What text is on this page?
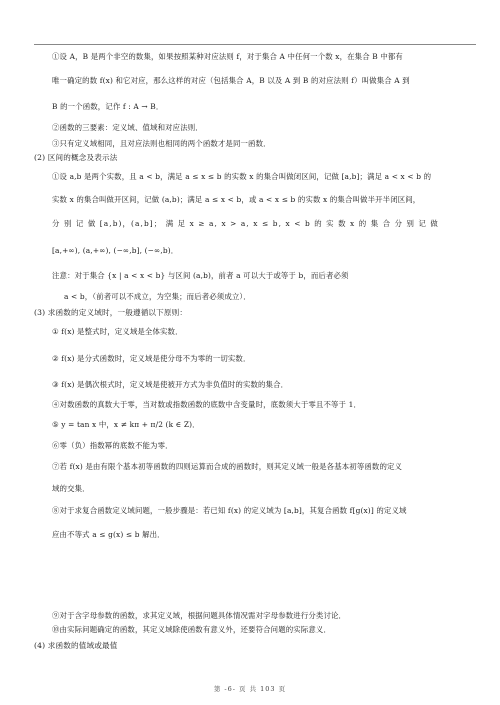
①设 A，B 是两个非空的数集，如果按照某种对应法则 f，对于集合 A 中任何一个数 x，在集合 B 中都有
唯一确定的数 f(x) 和它对应，那么这样的对应（包括集合 A，B 以及 A 到 B 的对应法则 f）叫做集合 A 到
B 的一个函数，记作 f : A → B．
②函数的三要素：定义域、值域和对应法则．
③只有定义域相同，且对应法则也相同的两个函数才是同一函数．
(2) 区间的概念及表示法
①设 a,b 是两个实数，且 a < b，满足 a ≤ x ≤ b 的实数 x 的集合叫做闭区间，记做 [a,b]；满足 a < x < b 的
实数 x 的集合叫做开区间，记做 (a,b)；满足 a ≤ x < b，或 a < x ≤ b 的实数 x 的集合叫做半开半闭区间，
分 别 记 做 [a,b)，(a,b]； 满 足 x ≥ a, x > a, x ≤ b, x < b 的 实 数 x 的 集 合 分 别 记 做
[a,+∞), (a,+∞), (−∞,b], (−∞,b)．
注意：对于集合 {x | a < x < b} 与区间 (a,b)，前者 a 可以大于或等于 b，而后者必须
a < b，（前者可以不成立，为空集；而后者必须成立）．
(3) 求函数的定义域时，一般遵循以下原则：
① f(x) 是整式时，定义域是全体实数．
② f(x) 是分式函数时，定义域是使分母不为零的一切实数．
③ f(x) 是偶次根式时，定义域是使被开方式为非负值时的实数的集合．
④对数函数的真数大于零，当对数或指数函数的底数中含变量时，底数须大于零且不等于 1．
⑤ y = tan x 中，x ≠ kπ + π/2 (k ∈ Z)．
⑥零（负）指数幂的底数不能为零．
⑦若 f(x) 是由有限个基本初等函数的四则运算而合成的函数时，则其定义域一般是各基本初等函数的定义
域的交集．
⑧对于求复合函数定义域问题，一般步骤是：若已知 f(x) 的定义域为 [a,b]，其复合函数 f[g(x)] 的定义域
应由不等式 a ≤ g(x) ≤ b 解出．
⑨对于含字母参数的函数，求其定义域，根据问题具体情况需对字母参数进行分类讨论．
⑩由实际问题确定的函数，其定义域除使函数有意义外，还要符合问题的实际意义．
(4) 求函数的值域或最值
第 -6- 页 共 103 页
